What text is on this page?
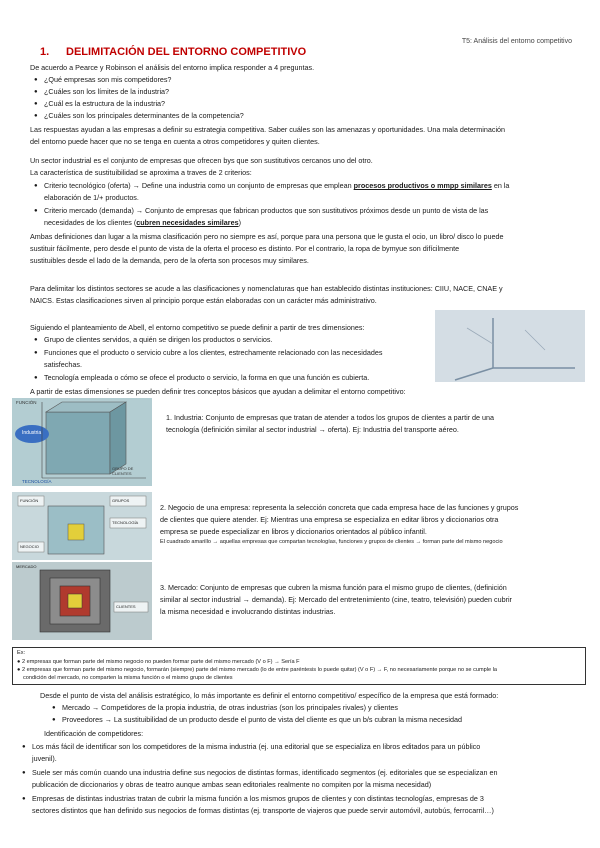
T5: Análisis del entorno competitivo
1. DELIMITACIÓN DEL ENTORNO COMPETITIVO

De acuerdo a Pearce y Robinson el análisis del entorno implica responder a 4 preguntas.

● ¿Qué empresas son mis competidores?

● ¿Cuáles son los límites de la industria?

● ¿Cuál es la estructura de la industria?

● ¿Cuáles son los principales determinantes de la competencia?

Las respuestas ayudan a las empresas a definir su estrategia competitiva. Saber cuáles son las amenazas y oportunidades. Una mala determinación

del entorno puede hacer que no se tenga en cuenta a otros competidores y quiten clientes.

Un sector industrial es el conjunto de empresas que ofrecen bys que son sustitutivos cercanos uno del otro.

La característica de sustituibilidad se aproxima a traves de 2 criterios:

● Criterio tecnológico (oferta) → Define una industria como un conjunto de empresas que emplean procesos productivos o mmpp similares en la

elaboración de 1/+ productos.

● Criterio mercado (demanda) → Conjunto de empresas que fabrican productos que son sustitutivos próximos desde un punto de vista de las

necesidades de los clientes (cubren necesidades similares)

Ambas definiciones dan lugar a la misma clasificación pero no siempre es así, porque para una persona que le gusta el ocio, un libro/ disco lo puede

sustituir fácilmente, pero desde el punto de vista de la oferta el proceso es distinto. Por el contrario, la ropa de bymyue son difícilmente

sustituibles desde el lado de la demanda, pero de la oferta son procesos muy similares.

Para delimitar los distintos sectores se acude a las clasificaciones y nomenclaturas que han establecido distintas instituciones: CIIU, NACE, CNAE y

NAICS. Estas clasificaciones sirven al principio porque están elaboradas con un carácter más administrativo.

Siguiendo el planteamiento de Abell, el entorno competitivo se puede definir a partir de tres dimensiones:

● Grupo de clientes servidos, a quién se dirigen los productos o servicios.

● Funciones que el producto o servicio cubre a los clientes, estrechamente relacionado con las necesidades

satisfechas.

● Tecnología empleada o cómo se ofece el producto o servicio, la forma en que una función es cubierta.

A partir de estas dimensiones se pueden definir tres conceptos básicos que ayudan a delimitar el entorno competitivo:

FUNCIÓN
Industria
GRUPO DE CLIENTES
TECNOLOGÍA
1. Industria: Conjunto de empresas que tratan de atender a todos los grupos de clientes a partir de una
tecnología (definición similar al sector industrial → oferta). Ej: Industria del transporte aéreo.
FUNCIÓN	GRUPOS
TECNOLOGÍA
NEGOCIO
2. Negocio de una empresa: representa la selección concreta que cada empresa hace de las funciones y grupos
de clientes que quiere atender. Ej: Mientras una empresa se especializa en editar libros y diccionarios otra
empresa se puede especializar en libros y diccionarios orientados al público infantil.
El cuadrado amarillo → aquellas empresas que compartan tecnologías, funciones y grupos de clientes → forman parte del mismo negocio
MERCADO
CLIENTES
3. Mercado: Conjunto de empresas que cubren la misma función para el mismo grupo de clientes, (definición
similar al sector industrial → demanda). Ej: Mercado del entretenimiento (cine, teatro, televisión) pueden cubrir
la misma necesidad e involucrando distintas industrias.
Ex:
● 2 empresas que forman parte del mismo negocio no pueden formar parte del mismo mercado (V o F) → Sería F
● 2 empresas que forman parte del mismo negocio, formarán (siempre) parte del mismo mercado (lo de entre paréntesis lo puede quitar) (V o F) → F, no necesariamente porque no se cumple la
condición del mercado, no comparten la misma función o el mismo grupo de clientes

Desde el punto de vista del análisis estratégico, lo más importante es definir el entorno competitivo/ específico de la empresa que está formado:

● Mercado → Competidores de la propia industria, de otras industrias (son los principales rivales) y clientes

● Proveedores → La sustituibilidad de un producto desde el punto de vista del cliente es que un b/s cubran la misma necesidad

Identificación de competidores:

● Los más fácil de identificar son los competidores de la misma industria (ej. una editorial que se especializa en libros editados para un público

juvenil).

● Suele ser más común cuando una industria define sus negocios de distintas formas, identificado segmentos (ej. editoriales que se especializan en

publicación de diccionarios y obras de teatro aunque ambas sean editoriales realmente no compiten por la misma necesidad)

● Empresas de distintas industrias tratan de cubrir la misma función a los mismos grupos de clientes y con distintas tecnologías, empresas de 3

sectores distintos que han definido sus negocios de formas distintas (ej. transporte de viajeros que puede servir automóvil, autobús, ferrocarril…)
